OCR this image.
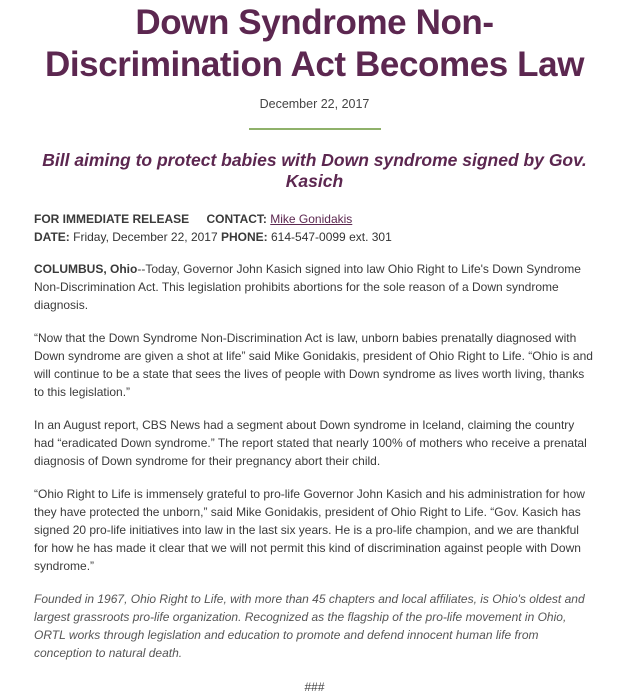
Down Syndrome Non-
Discrimination Act Becomes Law
December 22, 2017
Bill aiming to protect babies with Down syndrome signed by Gov. Kasich
FOR IMMEDIATE RELEASE CONTACT: Mike Gonidakis
DATE: Friday, December 22, 2017 PHONE: 614-547-0099 ext. 301

COLUMBUS, Ohio--Today, Governor John Kasich signed into law Ohio Right to Life's Down Syndrome Non-Discrimination Act. This legislation prohibits abortions for the sole reason of a Down syndrome diagnosis.

“Now that the Down Syndrome Non-Discrimination Act is law, unborn babies prenatally diagnosed with Down syndrome are given a shot at life” said Mike Gonidakis, president of Ohio Right to Life. “Ohio is and will continue to be a state that sees the lives of people with Down syndrome as lives worth living, thanks to this legislation.”

In an August report, CBS News had a segment about Down syndrome in Iceland, claiming the country had “eradicated Down syndrome.” The report stated that nearly 100% of mothers who receive a prenatal diagnosis of Down syndrome for their pregnancy abort their child.

“Ohio Right to Life is immensely grateful to pro-life Governor John Kasich and his administration for how they have protected the unborn,” said Mike Gonidakis, president of Ohio Right to Life. “Gov. Kasich has signed 20 pro-life initiatives into law in the last six years. He is a pro-life champion, and we are thankful for how he has made it clear that we will not permit this kind of discrimination against people with Down syndrome.”

Founded in 1967, Ohio Right to Life, with more than 45 chapters and local affiliates, is Ohio's oldest and largest grassroots pro-life organization. Recognized as the flagship of the pro-life movement in Ohio, ORTL works through legislation and education to promote and defend innocent human life from conception to natural death.

###
